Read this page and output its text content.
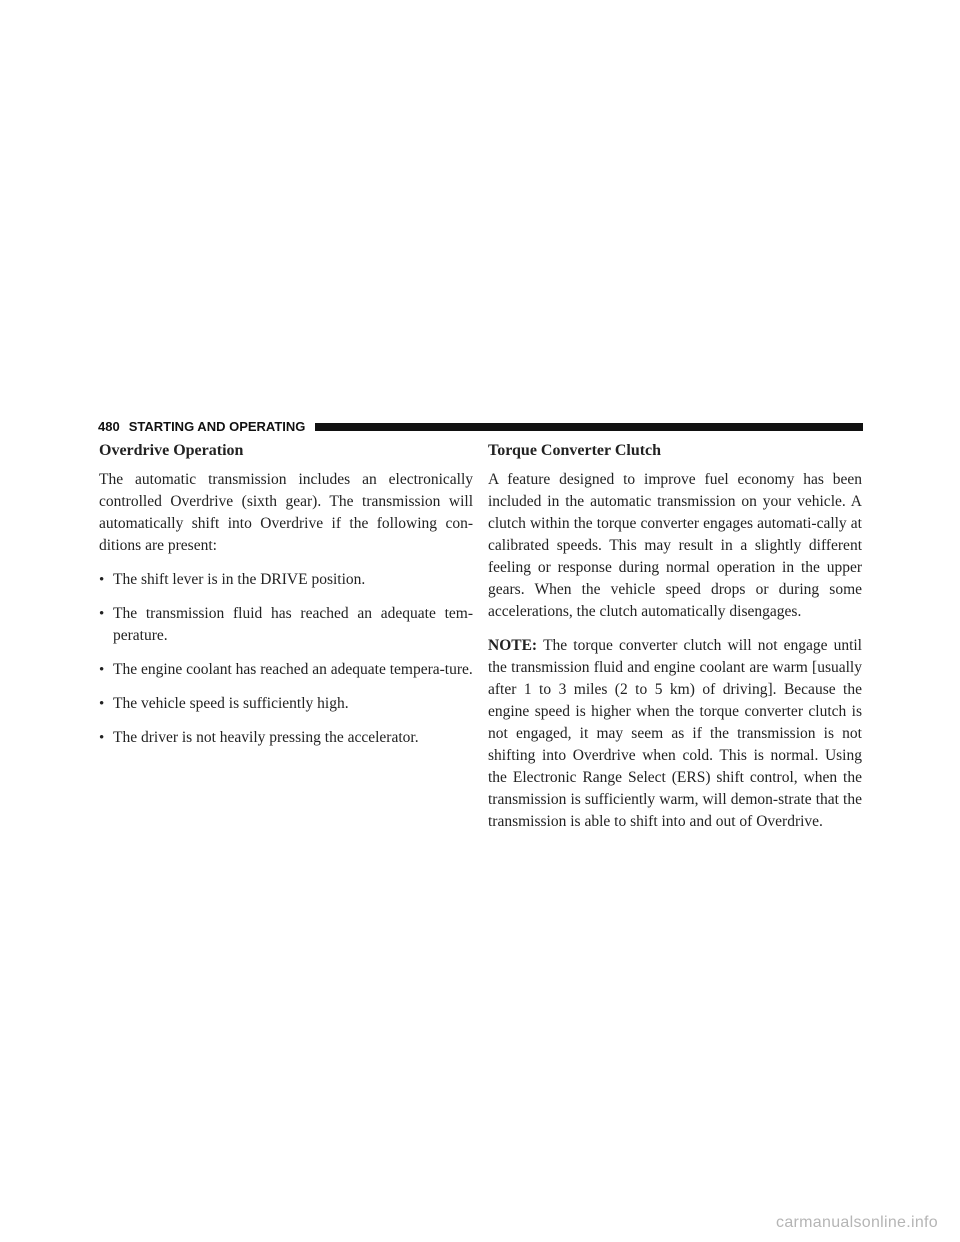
480 STARTING AND OPERATING
Overdrive Operation

The automatic transmission includes an electronically controlled Overdrive (sixth gear). The transmission will automatically shift into Overdrive if the following con-ditions are present:

• The shift lever is in the DRIVE position.
• The transmission fluid has reached an adequate tem-perature.
• The engine coolant has reached an adequate tempera-ture.
• The vehicle speed is sufficiently high.
• The driver is not heavily pressing the accelerator.
Torque Converter Clutch

A feature designed to improve fuel economy has been included in the automatic transmission on your vehicle. A clutch within the torque converter engages automati-cally at calibrated speeds. This may result in a slightly different feeling or response during normal operation in the upper gears. When the vehicle speed drops or during some accelerations, the clutch automatically disengages.

NOTE: The torque converter clutch will not engage until the transmission fluid and engine coolant are warm [usually after 1 to 3 miles (2 to 5 km) of driving]. Because the engine speed is higher when the torque converter clutch is not engaged, it may seem as if the transmission is not shifting into Overdrive when cold. This is normal. Using the Electronic Range Select (ERS) shift control, when the transmission is sufficiently warm, will demon-strate that the transmission is able to shift into and out of Overdrive.

carmanualsonline.info
